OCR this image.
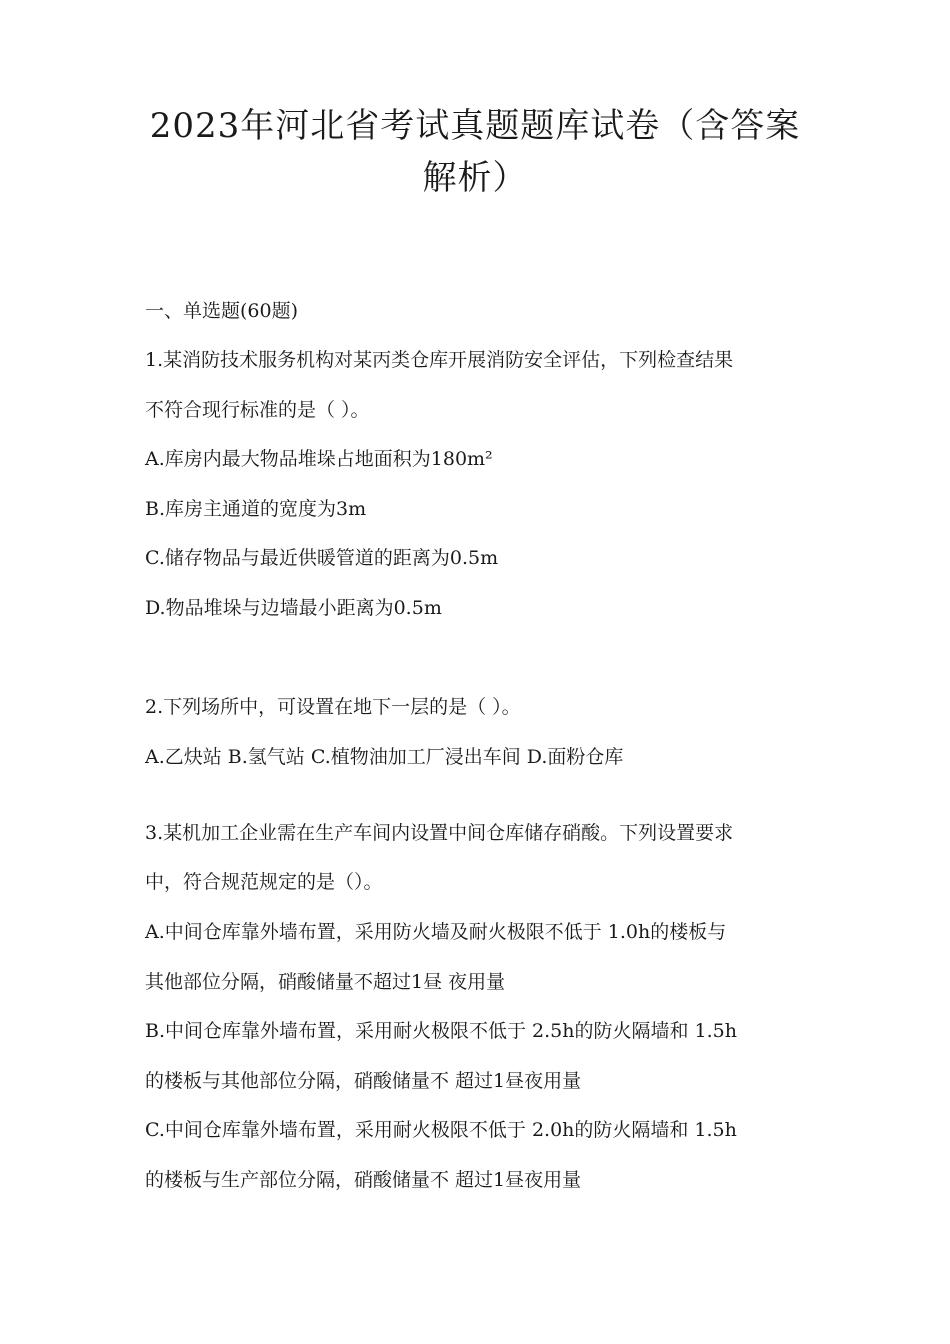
2023年河北省考试真题题库试卷（含答案
解析）

一、单选题(60题)

1.某消防技术服务机构对某丙类仓库开展消防安全评估，下列检查结果

不符合现行标准的是（ ）。

A.库房内最大物品堆垛占地面积为180m²

B.库房主通道的宽度为3m

C.储存物品与最近供暖管道的距离为0.5m

D.物品堆垛与边墙最小距离为0.5m

2.下列场所中，可设置在地下一层的是（ ）。

A.乙炔站 B.氢气站 C.植物油加工厂浸出车间 D.面粉仓库

3.某机加工企业需在生产车间内设置中间仓库储存硝酸。下列设置要求

中，符合规范规定的是（）。

A.中间仓库靠外墙布置，采用防火墙及耐火极限不低于 1.0h的楼板与

其他部位分隔，硝酸储量不超过1昼 夜用量

B.中间仓库靠外墙布置，采用耐火极限不低于 2.5h的防火隔墙和 1.5h

的楼板与其他部位分隔，硝酸储量不 超过1昼夜用量

C.中间仓库靠外墙布置，采用耐火极限不低于 2.0h的防火隔墙和 1.5h

的楼板与生产部位分隔，硝酸储量不 超过1昼夜用量
